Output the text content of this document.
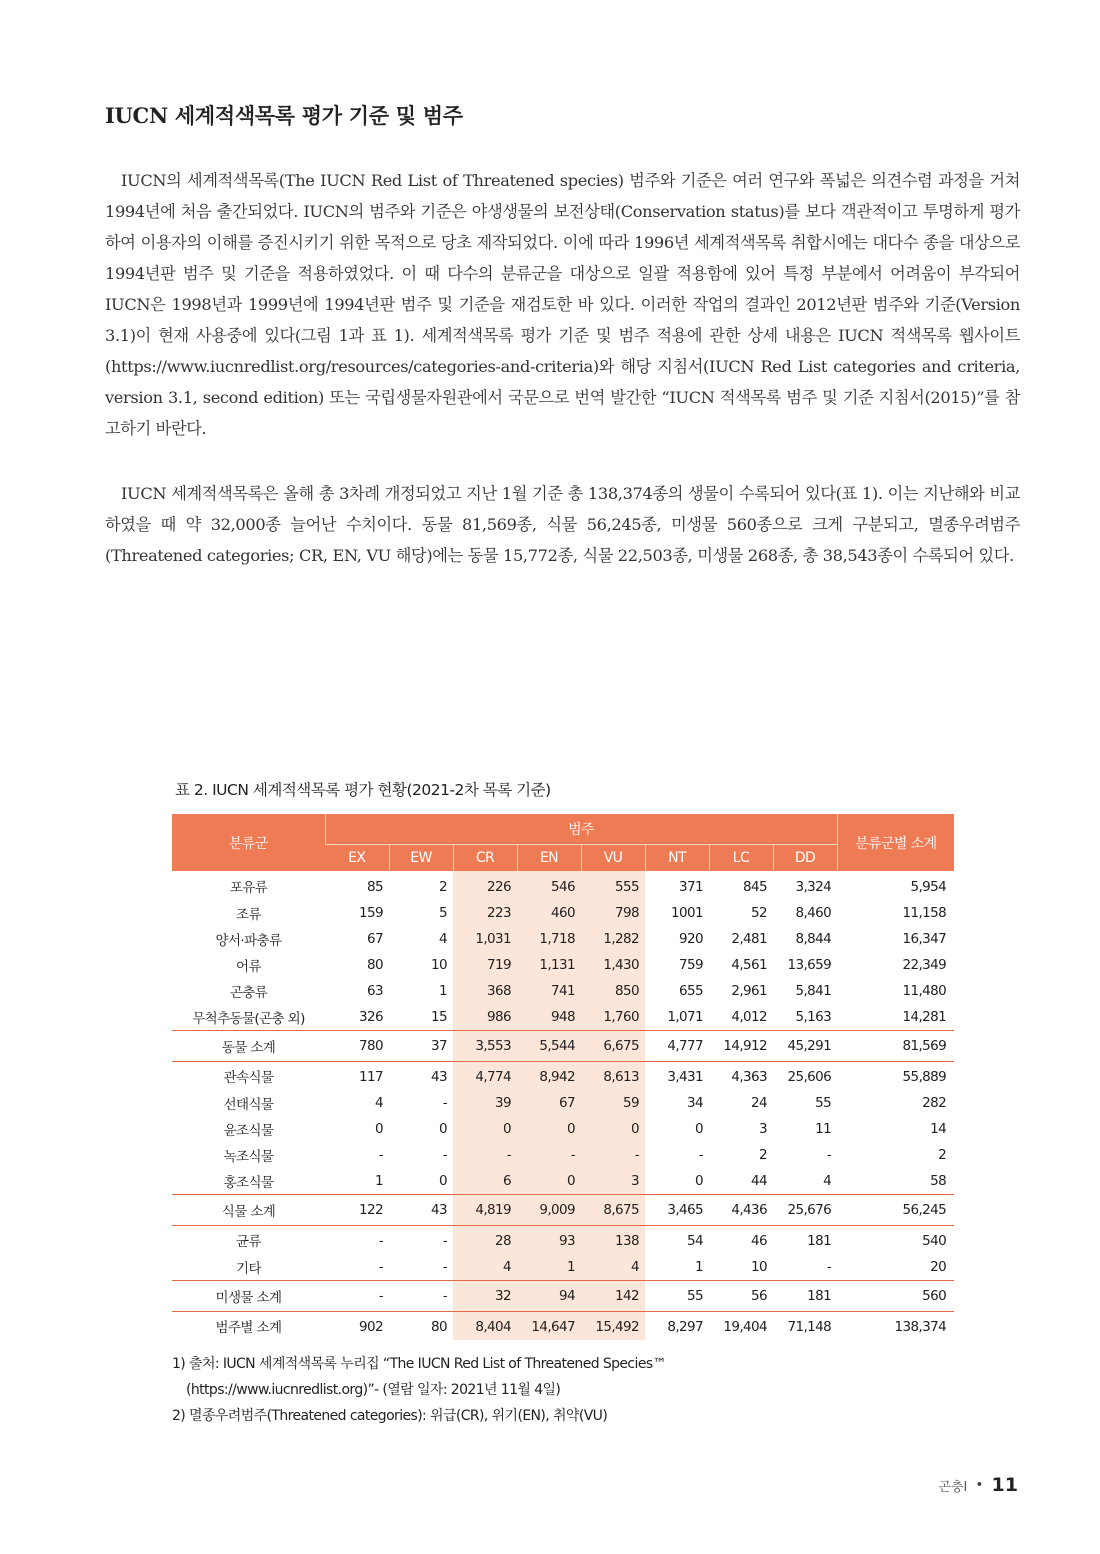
IUCN 세계적색목록 평가 기준 및 범주

IUCN의 세계적색목록(The IUCN Red List of Threatened species) 범주와 기준은 여러 연구와 폭넓은 의견수렴 과정을 거쳐 1994년에 처음 출간되었다. IUCN의 범주와 기준은 야생생물의 보전상태(Conservation status)를 보다 객관적이고 투명하게 평가하여 이용자의 이해를 증진시키기 위한 목적으로 당초 제작되었다. 이에 따라 1996년 세계적색목록 취합시에는 대다수 종을 대상으로 1994년판 범주 및 기준을 적용하였었다. 이 때 다수의 분류군을 대상으로 일괄 적용함에 있어 특정 부분에서 어려움이 부각되어 IUCN은 1998년과 1999년에 1994년판 범주 및 기준을 재검토한 바 있다. 이러한 작업의 결과인 2012년판 범주와 기준(Version 3.1)이 현재 사용중에 있다(그림 1과 표 1). 세계적색목록 평가 기준 및 범주 적용에 관한 상세 내용은 IUCN 적색목록 웹사이트(https://www.iucnredlist.org/resources/categories-and-criteria)와 해당 지침서(IUCN Red List categories and criteria, version 3.1, second edition) 또는 국립생물자원관에서 국문으로 번역 발간한 “IUCN 적색목록 범주 및 기준 지침서(2015)”를 참고하기 바란다.

IUCN 세계적색목록은 올해 총 3차례 개정되었고 지난 1월 기준 총 138,374종의 생물이 수록되어 있다(표 1). 이는 지난해와 비교하였을 때 약 32,000종 늘어난 수치이다. 동물 81,569종, 식물 56,245종, 미생물 560종으로 크게 구분되고, 멸종우려범주(Threatened categories; CR, EN, VU 해당)에는 동물 15,772종, 식물 22,503종, 미생물 268종, 총 38,543종이 수록되어 있다.

표 2. IUCN 세계적색목록 평가 현황(2021-2차 목록 기준)

분류군	범주								분류군별 소계
	EX	EW	CR	EN	VU	NT	LC	DD	
포유류	85	2	226	546	555	371	845	3,324	5,954
조류	159	5	223	460	798	1001	52	8,460	11,158
양서·파충류	67	4	1,031	1,718	1,282	920	2,481	8,844	16,347
어류	80	10	719	1,131	1,430	759	4,561	13,659	22,349
곤충류	63	1	368	741	850	655	2,961	5,841	11,480
무척추동물(곤충 외)	326	15	986	948	1,760	1,071	4,012	5,163	14,281
동물 소계	780	37	3,553	5,544	6,675	4,777	14,912	45,291	81,569
관속식물	117	43	4,774	8,942	8,613	3,431	4,363	25,606	55,889
선태식물	4	-	39	67	59	34	24	55	282
윤조식물	0	0	0	0	0	0	3	11	14
녹조식물	-	-	-	-	-	-	2	-	2
홍조식물	1	0	6	0	3	0	44	4	58
식물 소계	122	43	4,819	9,009	8,675	3,465	4,436	25,676	56,245
균류	-	-	28	93	138	54	46	181	540
기타	-	-	4	1	4	1	10	-	20
미생물 소계	-	-	32	94	142	55	56	181	560
범주별 소계	902	80	8,404	14,647	15,492	8,297	19,404	71,148	138,374

1) 출처: IUCN 세계적색목록 누리집 “The IUCN Red List of Threatened Species™

(https://www.iucnredlist.org)”- (열람 일자: 2021년 11월 4일)

2) 멸종우려범주(Threatened categories): 위급(CR), 위기(EN), 취약(VU)

곤충Ⅰ • 11
